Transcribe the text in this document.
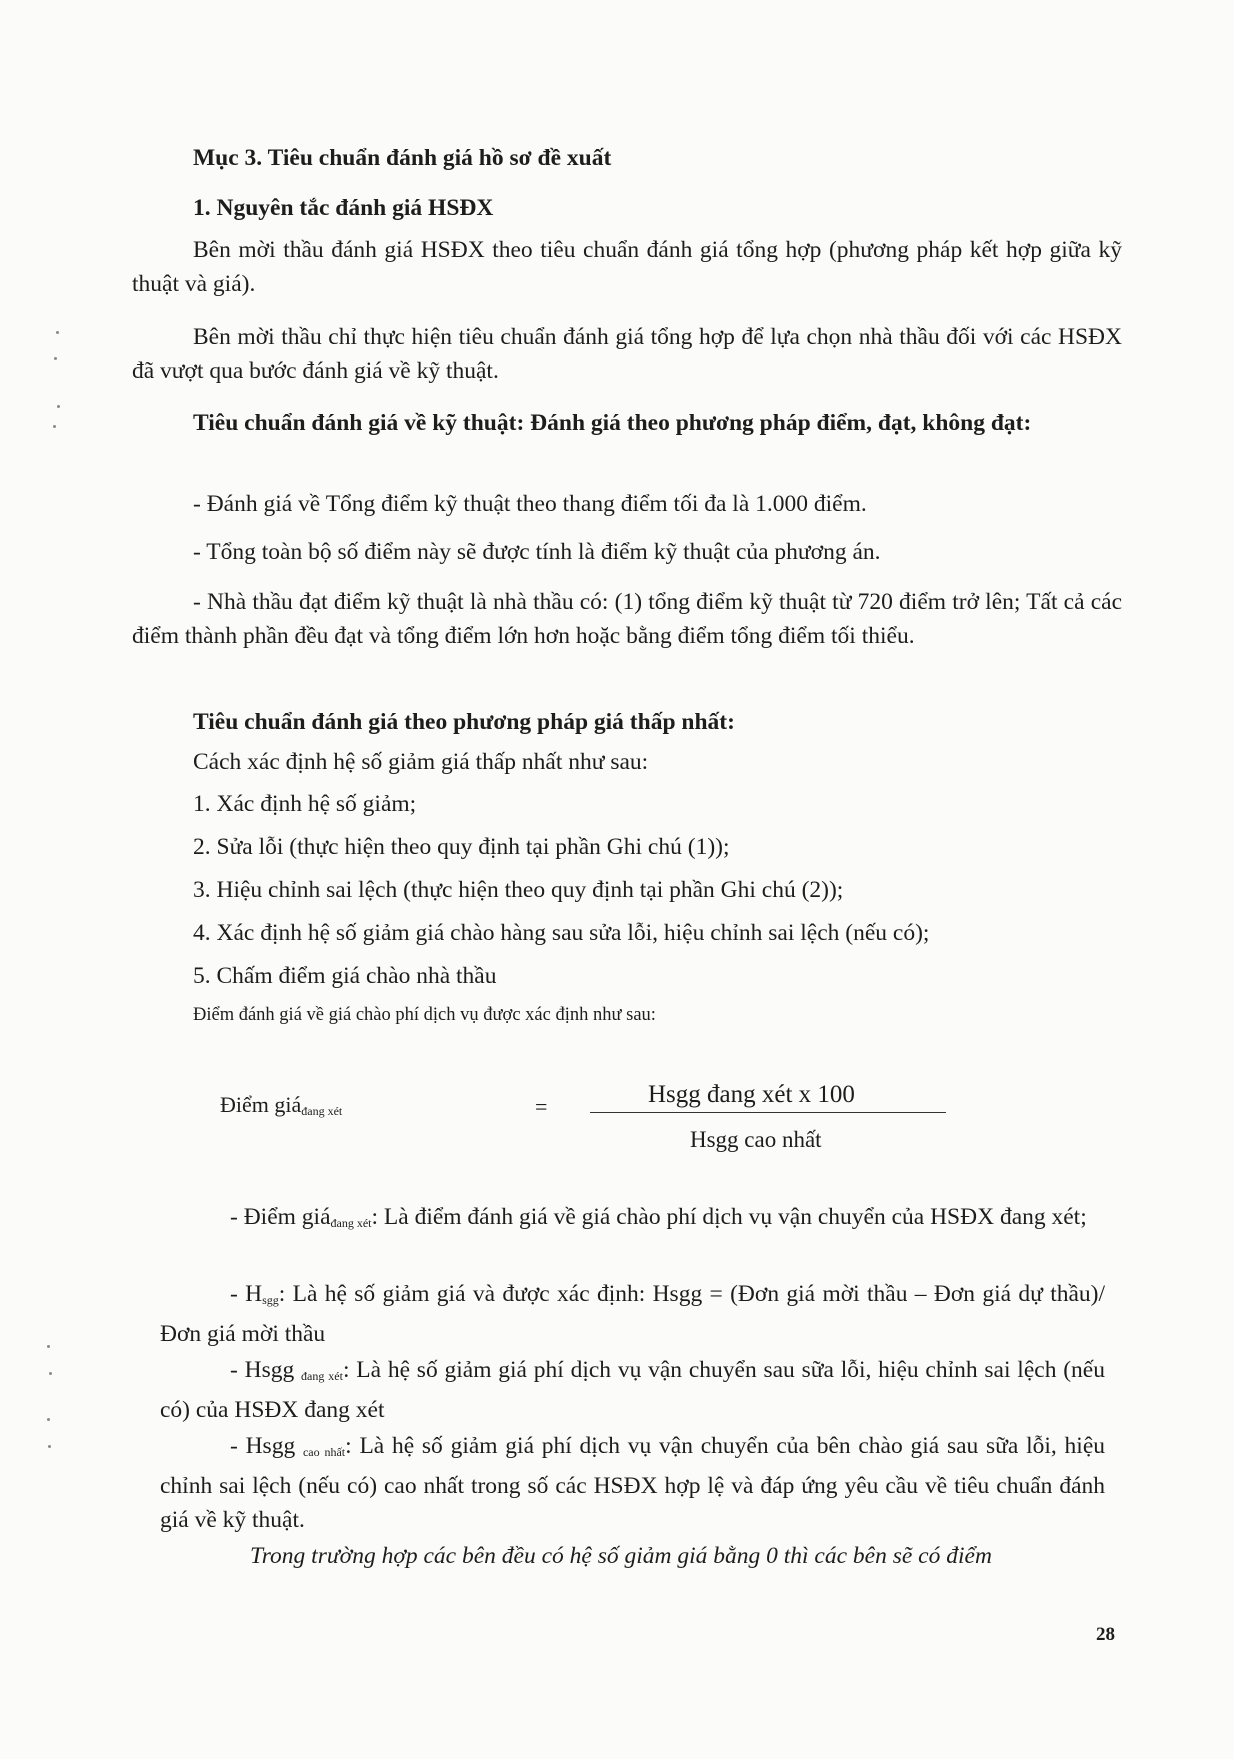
Mục 3. Tiêu chuẩn đánh giá hồ sơ đề xuất

1. Nguyên tắc đánh giá HSĐX

Bên mời thầu đánh giá HSĐX theo tiêu chuẩn đánh giá tổng hợp (phương pháp kết hợp giữa kỹ thuật và giá).

Bên mời thầu chỉ thực hiện tiêu chuẩn đánh giá tổng hợp để lựa chọn nhà thầu đối với các HSĐX đã vượt qua bước đánh giá về kỹ thuật.

Tiêu chuẩn đánh giá về kỹ thuật: Đánh giá theo phương pháp điểm, đạt, không đạt:

- Đánh giá về Tổng điểm kỹ thuật theo thang điểm tối đa là 1.000 điểm.

- Tổng toàn bộ số điểm này sẽ được tính là điểm kỹ thuật của phương án.

- Nhà thầu đạt điểm kỹ thuật là nhà thầu có: (1) tổng điểm kỹ thuật từ 720 điểm trở lên; Tất cả các điểm thành phần đều đạt và tổng điểm lớn hơn hoặc bằng điểm tổng điểm tối thiểu.

Tiêu chuẩn đánh giá theo phương pháp giá thấp nhất:

Cách xác định hệ số giảm giá thấp nhất như sau:

1. Xác định hệ số giảm;

2. Sửa lỗi (thực hiện theo quy định tại phần Ghi chú (1));

3. Hiệu chỉnh sai lệch (thực hiện theo quy định tại phần Ghi chú (2));

4. Xác định hệ số giảm giá chào hàng sau sửa lỗi, hiệu chỉnh sai lệch (nếu có);

5. Chấm điểm giá chào nhà thầu

Điểm đánh giá về giá chào phí dịch vụ được xác định như sau:

Điểm giá$_{đang xét}$	=	Hsgg đang xét x 100

Hsgg cao nhất

- Điểm giá$_{đang xét}$: Là điểm đánh giá về giá chào phí dịch vụ vận chuyển của HSĐX đang xét;

- $H_{sgg}$: Là hệ số giảm giá và được xác định: Hsgg = (Đơn giá mời thầu – Đơn giá dự thầu)/Đơn giá mời thầu

- Hsgg $_{đang xét}$: Là hệ số giảm giá phí dịch vụ vận chuyển sau sữa lỗi, hiệu chỉnh sai lệch (nếu có) của HSĐX đang xét

- Hsgg $_{cao nhất}$: Là hệ số giảm giá phí dịch vụ vận chuyển của bên chào giá sau sữa lỗi, hiệu chỉnh sai lệch (nếu có) cao nhất trong số các HSĐX hợp lệ và đáp ứng yêu cầu về tiêu chuẩn đánh giá về kỹ thuật.

Trong trường hợp các bên đều có hệ số giảm giá bằng 0 thì các bên sẽ có điểm

28
